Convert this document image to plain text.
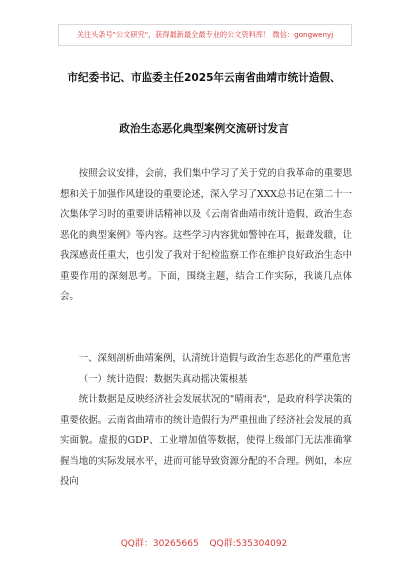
关注头条号"公文研究"，获得最新最全最专业的公文资料库！ 微信：gongwenyj
市纪委书记、市监委主任2025年云南省曲靖市统计造假、
政治生态恶化典型案例交流研讨发言

按照会议安排，会前，我们集中学习了关于党的自我革命的重要思想和关于加强作风建设的重要论述，深入学习了XXX总书记在第二十一次集体学习时的重要讲话精神以及《云南省曲靖市统计造假、政治生态恶化的典型案例》等内容。这些学习内容犹如警钟在耳，振聋发聩，让我深感责任重大，也引发了我对于纪检监察工作在维护良好政治生态中重要作用的深刻思考。下面，围绕主题，结合工作实际，我谈几点体会。

一、深刻剖析曲靖案例，认清统计造假与政治生态恶化的严重危害

（一）统计造假：数据失真动摇决策根基

统计数据是反映经济社会发展状况的"晴雨表"，是政府科学决策的重要依据。云南省曲靖市的统计造假行为严重扭曲了经济社会发展的真实面貌。虚报的GDP、工业增加值等数据，使得上级部门无法准确掌握当地的实际发展水平，进而可能导致资源分配的不合理。例如，本应投向

QQ群：30265665 QQ群:535304092
